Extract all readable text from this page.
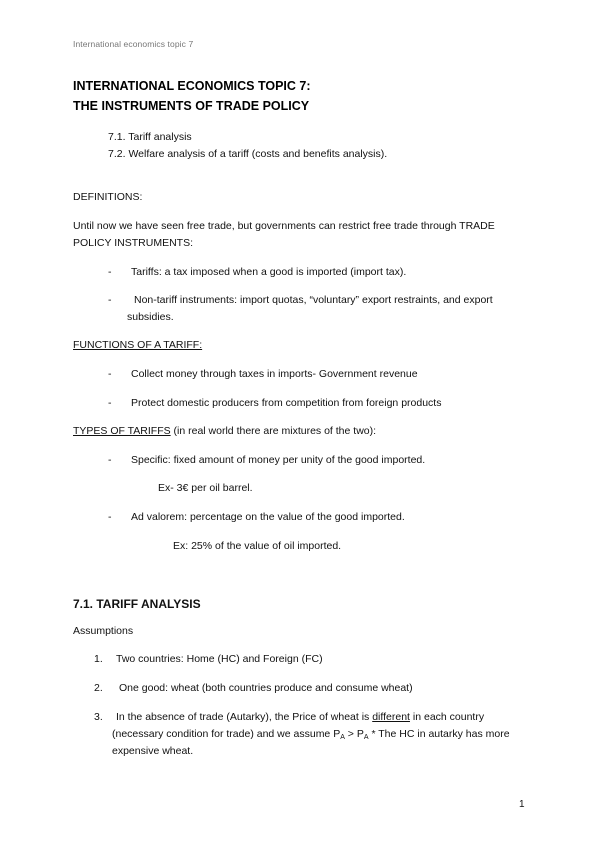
International economics topic 7
INTERNATIONAL ECONOMICS TOPIC 7:
THE INSTRUMENTS OF TRADE POLICY
7.1. Tariff analysis
7.2. Welfare analysis of a tariff (costs and benefits analysis).
DEFINITIONS:
Until now we have seen free trade, but governments can restrict free trade through TRADE
POLICY INSTRUMENTS:
- Tariffs: a tax imposed when a good is imported (import tax).
- Non-tariff instruments: import quotas, “voluntary” export restraints, and export
subsidies.
FUNCTIONS OF A TARIFF:
- Collect money through taxes in imports- Government revenue
- Protect domestic producers from competition from foreign products
TYPES OF TARIFFS (in real world there are mixtures of the two):
- Specific: fixed amount of money per unity of the good imported.
Ex- 3€ per oil barrel.
- Ad valorem: percentage on the value of the good imported.
Ex: 25% of the value of oil imported.
7.1. TARIFF ANALYSIS
Assumptions
1. Two countries: Home (HC) and Foreign (FC)
2. One good: wheat (both countries produce and consume wheat)
3. In the absence of trade (Autarky), the Price of wheat is different in each country
(necessary condition for trade) and we assume $P_A > P_A$ * The HC in autarky has more
expensive wheat.
1
